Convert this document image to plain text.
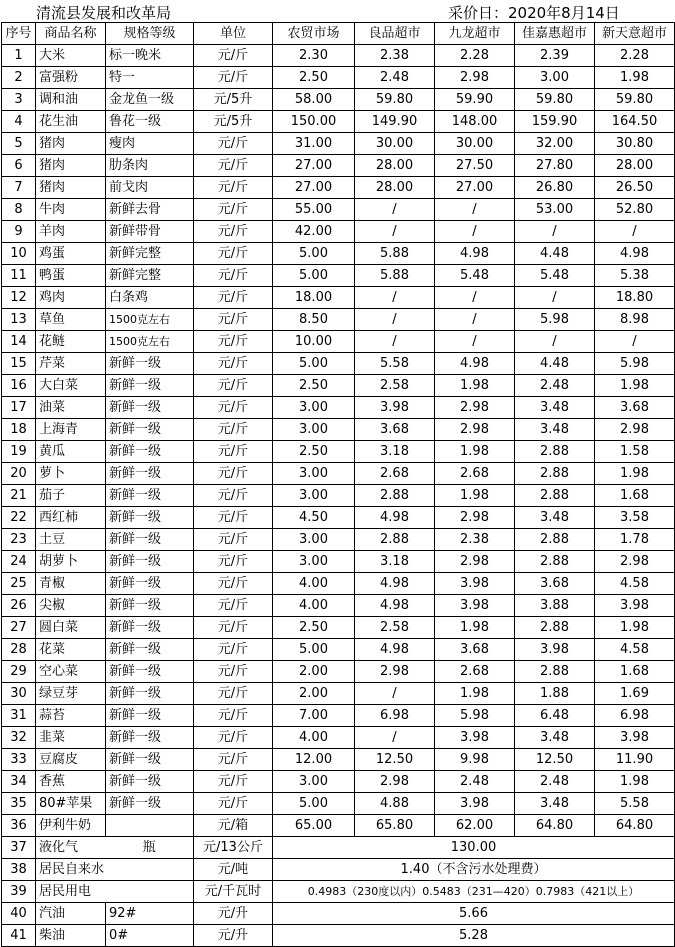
清流县发展和改革局	采价日：2020年8月14日
序号	商品名称	规格等级	单位	农贸市场	良品超市	九龙超市	佳嘉惠超市	新天意超市
1	大米	标一晚米	元/斤	2.30	2.38	2.28	2.39	2.28
2	富强粉	特一	元/斤	2.50	2.48	2.98	3.00	1.98
3	调和油	金龙鱼一级	元/5升	58.00	59.80	59.90	59.80	59.80
4	花生油	鲁花一级	元/5升	150.00	149.90	148.00	159.90	164.50
5	猪肉	瘦肉	元/斤	31.00	30.00	30.00	32.00	30.80
6	猪肉	肋条肉	元/斤	27.00	28.00	27.50	27.80	28.00
7	猪肉	前戈肉	元/斤	27.00	28.00	27.00	26.80	26.50
8	牛肉	新鲜去骨	元/斤	55.00	/	/	53.00	52.80
9	羊肉	新鲜带骨	元/斤	42.00	/	/	/	/
10	鸡蛋	新鲜完整	元/斤	5.00	5.88	4.98	4.48	4.98
11	鸭蛋	新鲜完整	元/斤	5.00	5.88	5.48	5.48	5.38
12	鸡肉	白条鸡	元/斤	18.00	/	/	/	18.80
13	草鱼	1500克左右	元/斤	8.50	/	/	5.98	8.98
14	花鲢	1500克左右	元/斤	10.00	/	/	/	/
15	芹菜	新鲜一级	元/斤	5.00	5.58	4.98	4.48	5.98
16	大白菜	新鲜一级	元/斤	2.50	2.58	1.98	2.48	1.98
17	油菜	新鲜一级	元/斤	3.00	3.98	2.98	3.48	3.68
18	上海青	新鲜一级	元/斤	3.00	3.68	2.98	3.48	2.98
19	黄瓜	新鲜一级	元/斤	2.50	3.18	1.98	2.88	1.58
20	萝卜	新鲜一级	元/斤	3.00	2.68	2.68	2.88	1.98
21	茄子	新鲜一级	元/斤	3.00	2.88	1.98	2.88	1.68
22	西红柿	新鲜一级	元/斤	4.50	4.98	2.98	3.48	3.58
23	土豆	新鲜一级	元/斤	3.00	2.88	2.38	2.88	1.78
24	胡萝卜	新鲜一级	元/斤	3.00	3.18	2.98	2.88	2.98
25	青椒	新鲜一级	元/斤	4.00	4.98	3.98	3.68	4.58
26	尖椒	新鲜一级	元/斤	4.00	4.98	3.98	3.88	3.98
27	圆白菜	新鲜一级	元/斤	2.50	2.58	1.98	2.88	1.98
28	花菜	新鲜一级	元/斤	5.00	4.98	3.68	3.98	4.58
29	空心菜	新鲜一级	元/斤	2.00	2.98	2.68	2.88	1.68
30	绿豆芽	新鲜一级	元/斤	2.00	/	1.98	1.88	1.69
31	蒜苔	新鲜一级	元/斤	7.00	6.98	5.98	6.48	6.98
32	韭菜	新鲜一级	元/斤	4.00	/	3.98	3.48	3.98
33	豆腐皮	新鲜一级	元/斤	12.00	12.50	9.98	12.50	11.90
34	香蕉	新鲜一级	元/斤	3.00	2.98	2.48	2.48	1.98
35	80#苹果	新鲜一级	元/斤	5.00	4.88	3.98	3.48	5.58
36	伊利牛奶		元/箱	65.00	65.80	62.00	64.80	64.80
37	液化气	瓶	元/13公斤	130.00				
38	居民自来水		元/吨	1.40（不含污水处理费）				
39	居民用电		元/千瓦时	0.4983（230度以内）0.5483（231—420）0.7983（421以上）				
40	汽油	92#	元/升	5.66				
41	柴油	0#	元/升	5.28				
